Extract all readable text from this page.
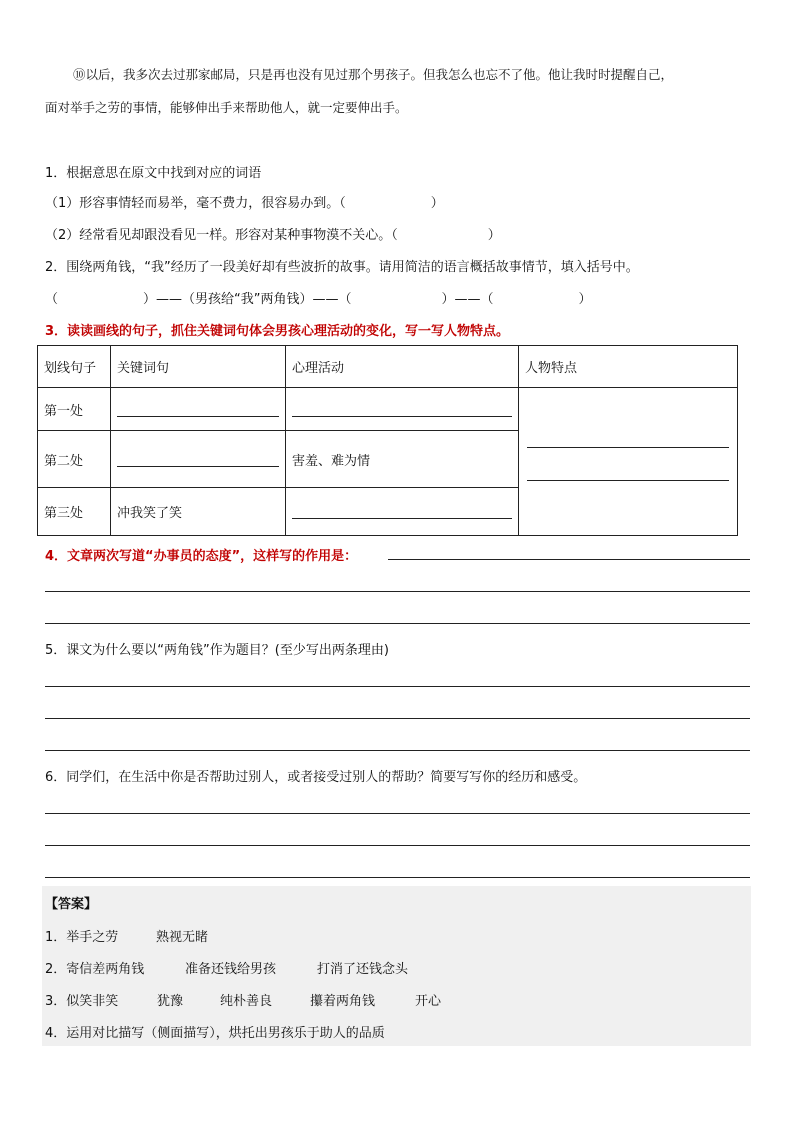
⑩以后，我多次去过那家邮局，只是再也没有见过那个男孩子。但我怎么也忘不了他。他让我时时提醒自己，
面对举手之劳的事情，能够伸出手来帮助他人，就一定要伸出手。
1．根据意思在原文中找到对应的词语
（1）形容事情轻而易举，毫不费力，很容易办到。（	）
（2）经常看见却跟没看见一样。形容对某种事物漠不关心。（	）
2．围绕两角钱，“我”经历了一段美好却有些波折的故事。请用简洁的语言概括故事情节，填入括号中。
（	）——（男孩给“我”两角钱）——（	）——（	）
3．读读画线的句子，抓住关键词句体会男孩心理活动的变化，写一写人物特点。
划线句子	关键词句	心理活动	人物特点
第一处	

第二处		害羞、难为情	
第三处	冲我笑了笑		
4．文章两次写道“办事员的态度”，这样写的作用是：
5．课文为什么要以“两角钱”作为题目？(至少写出两条理由)
6．同学们，在生活中你是否帮助过别人，或者接受过别人的帮助？简要写写你的经历和感受。
【答案】
1．举手之劳	熟视无睹
2．寄信差两角钱	准备还钱给男孩	打消了还钱念头
3．似笑非笑	犹豫	纯朴善良	攥着两角钱	开心
4．运用对比描写（侧面描写），烘托出男孩乐于助人的品质
